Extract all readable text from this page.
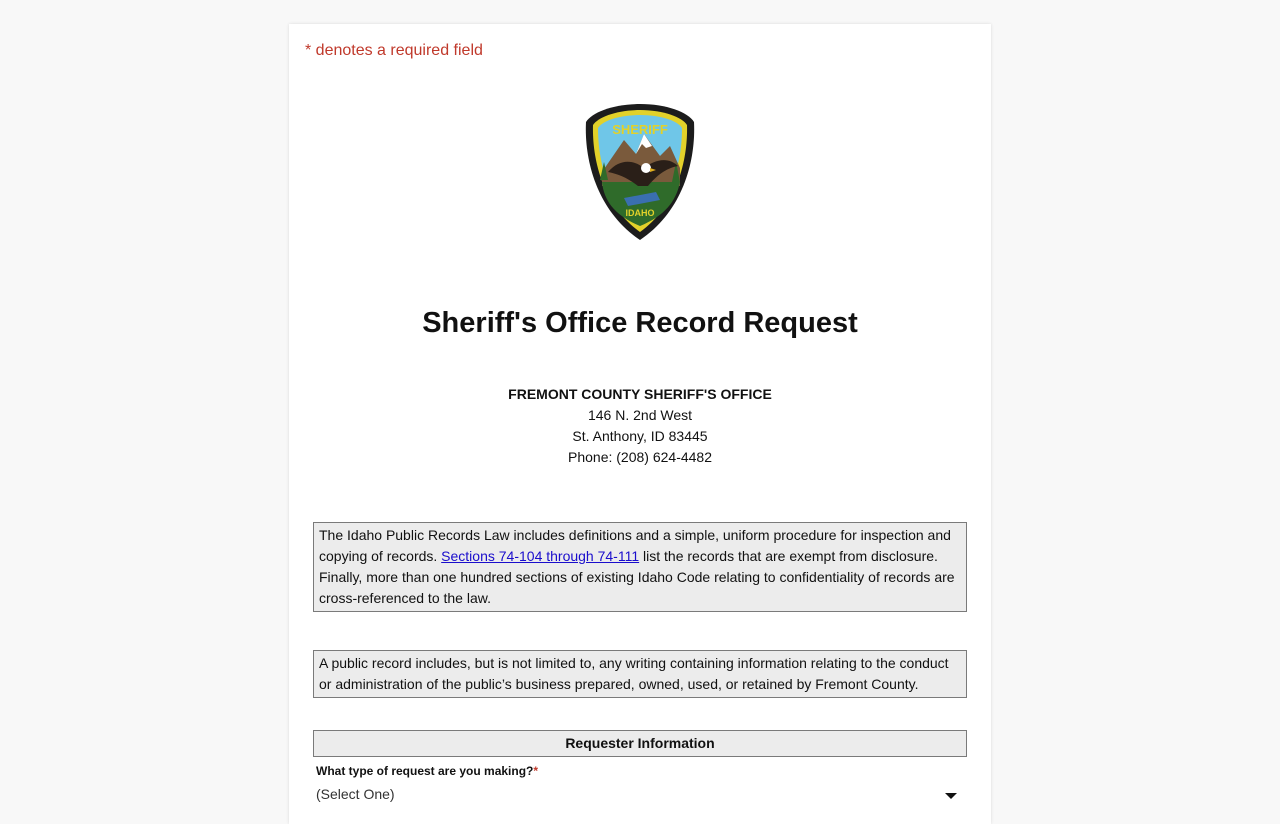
* denotes a required field
SHERIFF
IDAHO
Sheriff's Office Record Request
FREMONT COUNTY SHERIFF'S OFFICE
146 N. 2nd West
St. Anthony, ID 83445
Phone: (208) 624-4482
The Idaho Public Records Law includes definitions and a simple, uniform procedure for inspection and copying of records. Sections 74-104 through 74-111 list the records that are exempt from disclosure. Finally, more than one hundred sections of existing Idaho Code relating to confidentiality of records are cross-referenced to the law.
A public record includes, but is not limited to, any writing containing information relating to the conduct or administration of the public’s business prepared, owned, used, or retained by Fremont County.
Requester Information
What type of request are you making?*
(Select One)
